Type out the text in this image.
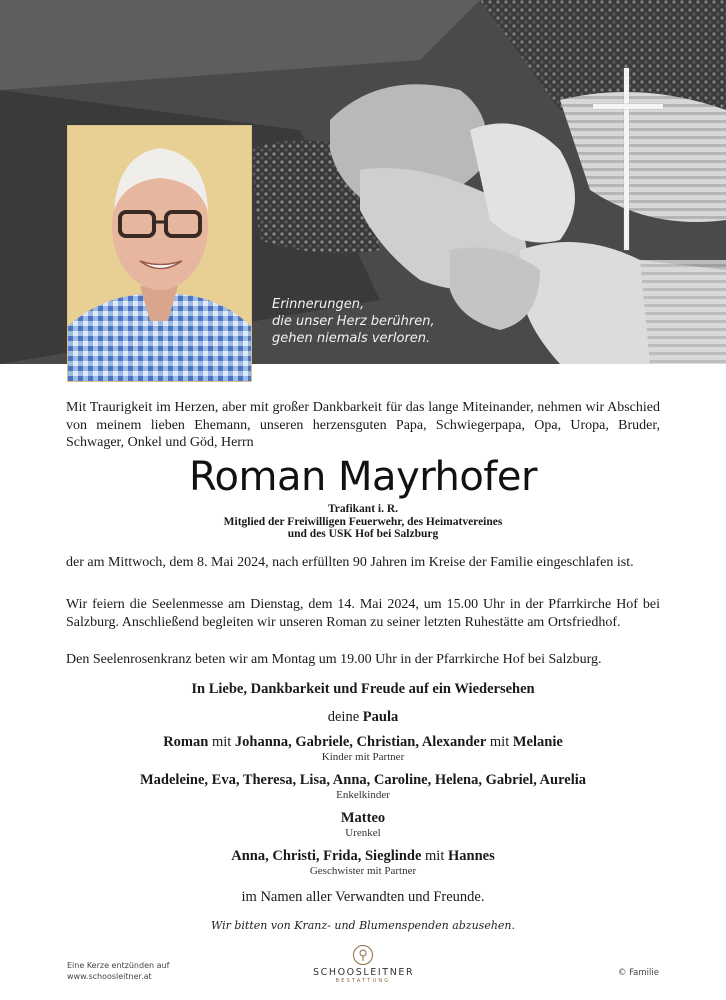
Erinnerungen,
die unser Herz berühren,
gehen niemals verloren.
Mit Traurigkeit im Herzen, aber mit großer Dankbarkeit für das lange Miteinander, nehmen wir Abschied von meinem lieben Ehemann, unseren herzensguten Papa, Schwiegerpapa, Opa, Uropa, Bruder, Schwager, Onkel und Göd, Herrn
Roman Mayrhofer
Trafikant i. R.
Mitglied der Freiwilligen Feuerwehr, des Heimatvereines
und des USK Hof bei Salzburg
der am Mittwoch, dem 8. Mai 2024, nach erfüllten 90 Jahren im Kreise der Familie eingeschlafen ist.
Wir feiern die Seelenmesse am Dienstag, dem 14. Mai 2024, um 15.00 Uhr in der Pfarrkirche Hof bei Salzburg. Anschließend begleiten wir unseren Roman zu seiner letzten Ruhestätte am Ortsfriedhof.
Den Seelenrosenkranz beten wir am Montag um 19.00 Uhr in der Pfarrkirche Hof bei Salzburg.
In Liebe, Dankbarkeit und Freude auf ein Wiedersehen
deine Paula
Roman mit Johanna, Gabriele, Christian, Alexander mit Melanie
Kinder mit Partner
Madeleine, Eva, Theresa, Lisa, Anna, Caroline, Helena, Gabriel, Aurelia
Enkelkinder
Matteo
Urenkel
Anna, Christi, Frida, Sieglinde mit Hannes
Geschwister mit Partner
im Namen aller Verwandten und Freunde.
Wir bitten von Kranz- und Blumenspenden abzusehen.
Eine Kerze entzünden auf
www.schoosleitner.at	SCHOOSLEITNER
BESTATTUNG
© Familie
